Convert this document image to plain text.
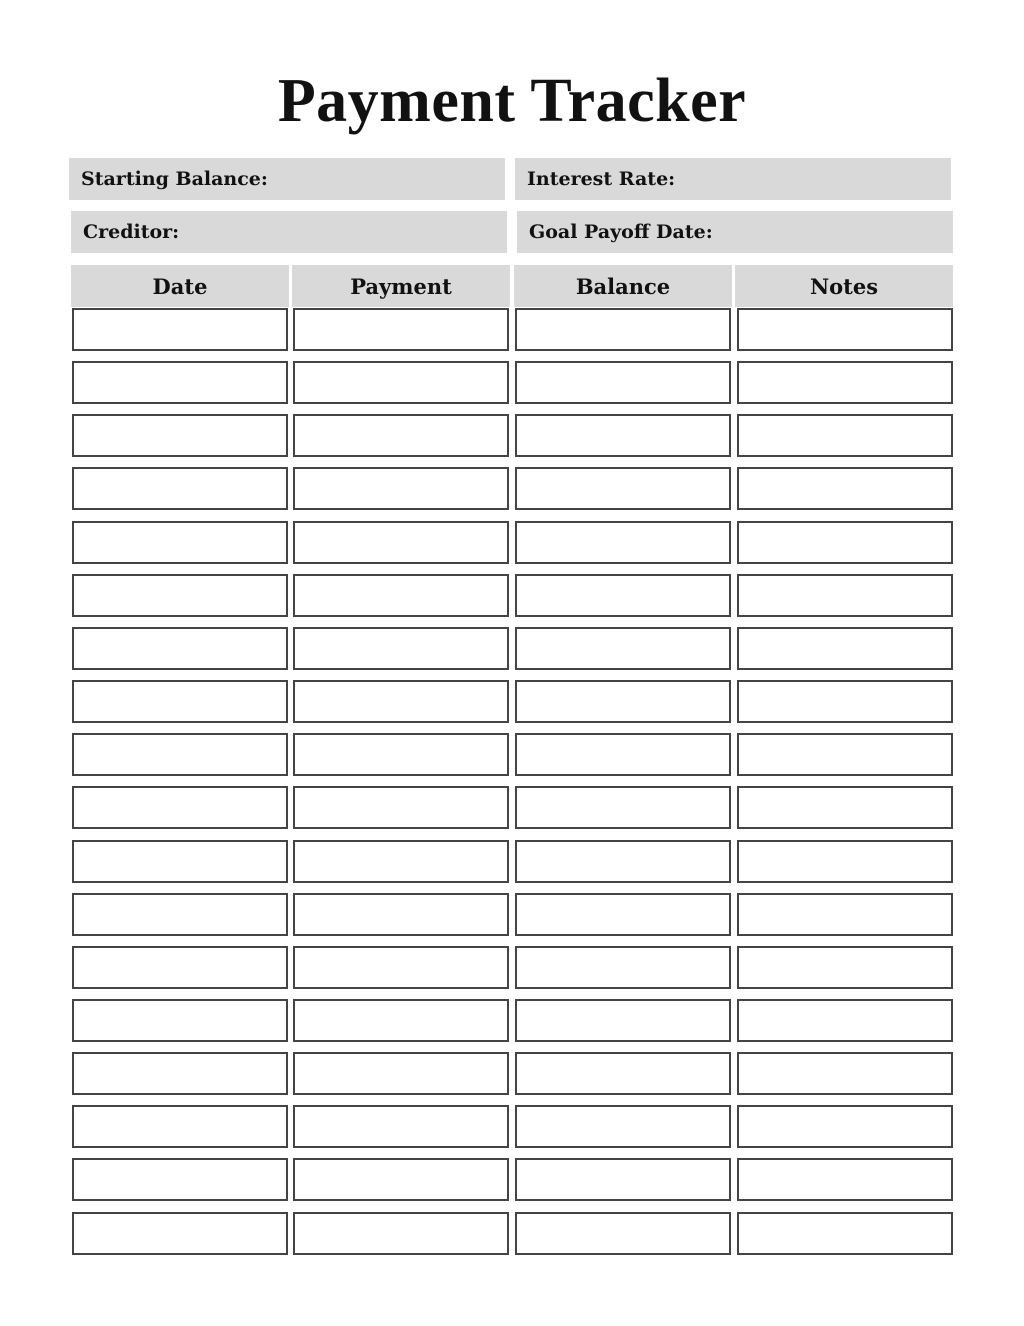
Payment Tracker
Starting Balance:	Interest Rate:
Creditor:	Goal Payoff Date:
Date	Payment	Balance	Notes
